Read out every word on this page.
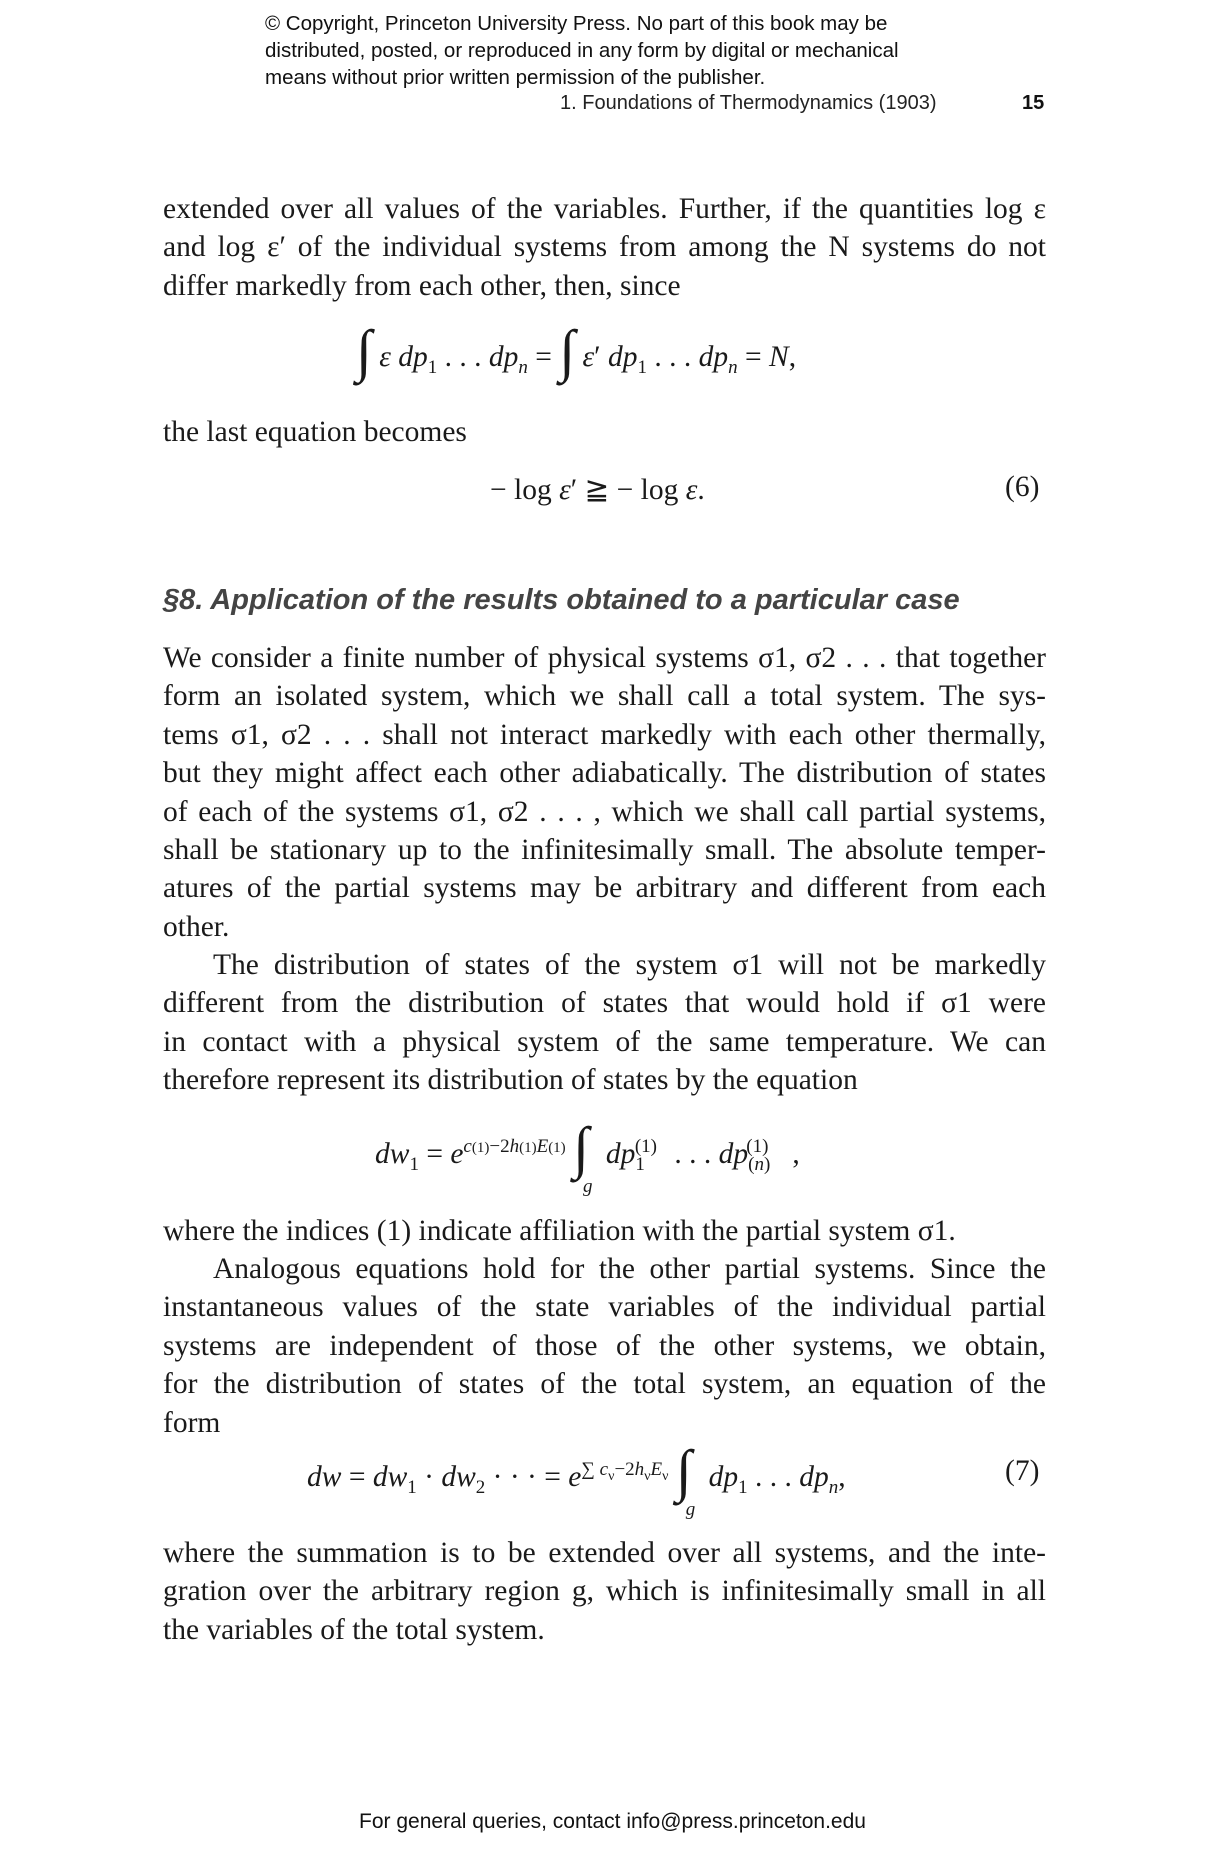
© Copyright, Princeton University Press. No part of this book may be
distributed, posted, or reproduced in any form by digital or mechanical
means without prior written permission of the publisher.
1. Foundations of Thermodynamics (1903)	15
extended over all values of the variables. Further, if the quantities log ε
and log ε′ of the individual systems from among the N systems do not
differ markedly from each other, then, since
∫ ε $dp_1$ . . . $dp_n$ = ∫ ε′ $dp_1$ . . . $dp_n = N$,
the last equation becomes
− log ε′ ≧ − log ε.	(6)
§8. Application of the results obtained to a particular case
We consider a finite number of physical systems σ1, σ2 . . . that together
form an isolated system, which we shall call a total system. The sys-
tems σ1, σ2 . . . shall not interact markedly with each other thermally,
but they might affect each other adiabatically. The distribution of states
of each of the systems σ1, σ2 . . . , which we shall call partial systems,
shall be stationary up to the infinitesimally small. The absolute temper-
atures of the partial systems may be arbitrary and different from each
other.
The distribution of states of the system σ1 will not be markedly
different from the distribution of states that would hold if σ1 were
in contact with a physical system of the same temperature. We can
therefore represent its distribution of states by the equation
$dw_1 = e^{c(1)-2h(1)E(1)}$ $\int_g$ $dp_1^{(1)}$ . . . $dp_{(n)}^{(1)}$ ,
where the indices (1) indicate affiliation with the partial system σ1.
Analogous equations hold for the other partial systems. Since the
instantaneous values of the state variables of the individual partial
systems are independent of those of the other systems, we obtain,
for the distribution of states of the total system, an equation of the
form
dw = $dw_1 \cdot dw_2$ · · · = $e^{\sum c_\nu-2h_\nu E_\nu}$ $\int_g$ $dp_1$ . . . $dp_n$,	(7)
where the summation is to be extended over all systems, and the inte-
gration over the arbitrary region g, which is infinitesimally small in all
the variables of the total system.
For general queries, contact info@press.princeton.edu
